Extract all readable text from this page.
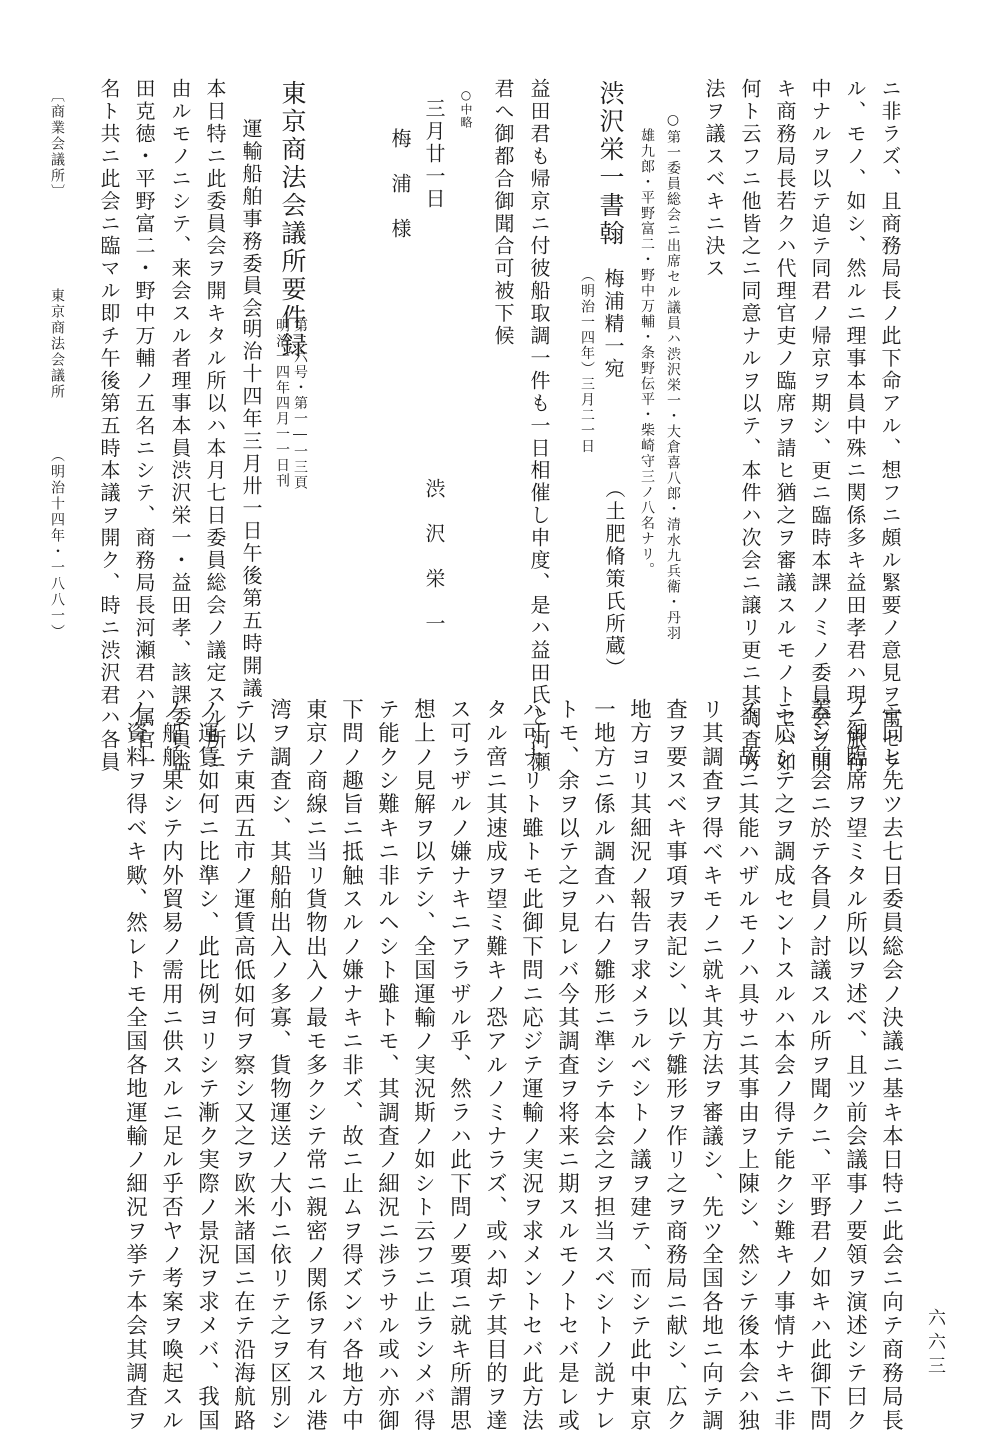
六六三
ニ非ラズ、且商務局長ノ此下命アル、想フニ頗ル緊要ノ意見ヲ寓セラ
ル、モノ、如シ、然ルニ理事本員中殊ニ関係多キ益田孝君ハ現ニ旅行
中ナルヲ以テ追テ同君ノ帰京ヲ期シ、更ニ臨時本課ノミノ委員会ヲ開
キ商務局長若クハ代理官吏ノ臨席ヲ請ヒ猶之ヲ審議スルモノトセバ如
何ト云フニ他皆之ニ同意ナルヲ以テ、本件ハ次会ニ譲リ更ニ其調査方
法ヲ議スベキニ決ス
○第一委員総会ニ出席セル議員ハ渋沢栄一・大倉喜八郎・清水九兵衛・丹羽
雄九郎・平野富二・野中万輔・条野伝平・柴崎守三ノ八名ナリ。
渋沢栄一書翰
梅浦精一宛
（明治一四年）三月二一日
（土肥脩策氏所蔵）
益田君も帰京ニ付彼船取調一件も一日相催し申度、是ハ益田氏と河瀬
君へ御都合御聞合可被下候
○中略
三月廿一日
渋　沢　栄　一
梅　浦　様
東京商法会議所要件録
第二六号・第一―一三頁
明治一四年四月一一日刊
運輸船舶事務委員会
明治十四年三月卅一日午後第五時開議
本日特ニ此委員会ヲ開キタル所以ハ本月七日委員総会ノ議定スル所ニ
由ルモノニシテ、来会スル者理事本員渋沢栄一・益田孝、該課委員益
田克徳・平野富二・野中万輔ノ五名ニシテ、商務局長河瀬君ハ属官一
名ト共ニ此会ニ臨マル即チ午後第五時本議ヲ開ク、時ニ渋沢君ハ各員
ニ向ヒ先ツ去七日委員総会ノ決議ニ基キ本日特ニ此会ニ向テ商務局長
ノ御臨席ヲ望ミタル所以ヲ述ベ、且ツ前会議事ノ要領ヲ演述シテ曰ク
蓋シ前会ニ於テ各員ノ討議スル所ヲ聞クニ、平野君ノ如キハ此御下問
ニ応シテ之ヲ調成セントスルハ本会ノ得テ能クシ難キノ事情ナキニ非
ズ、故ニ其能ハザルモノハ具サニ其事由ヲ上陳シ、然シテ後本会ハ独
リ其調査ヲ得ベキモノニ就キ其方法ヲ審議シ、先ツ全国各地ニ向テ調
査ヲ要スベキ事項ヲ表記シ、以テ雛形ヲ作リ之ヲ商務局ニ献シ、広ク
地方ヨリ其細況ノ報告ヲ求メラルベシトノ議ヲ建テ、而シテ此中東京
一地方ニ係ル調査ハ右ノ雛形ニ準シテ本会之ヲ担当スベシトノ説ナレ
トモ、余ヲ以テ之ヲ見レバ今其調査ヲ将来ニ期スルモノトセバ是レ或
ハ可ナリト雖トモ此御下問ニ応ジテ運輸ノ実況ヲ求メントセバ此方法
タル啻ニ其速成ヲ望ミ難キノ恐アルノミナラズ、或ハ却テ其目的ヲ達
ス可ラザルノ嫌ナキニアラザル乎、然ラハ此下問ノ要項ニ就キ所謂思
想上ノ見解ヲ以テシ、全国運輸ノ実況斯ノ如シト云フニ止ラシメバ得
テ能クシ難キニ非ルヘシト雖トモ、其調査ノ細況ニ渉ラサル或ハ亦御
下問ノ趣旨ニ抵触スルノ嫌ナキニ非ズ、故ニ止ムヲ得ズンバ各地方中
東京ノ商線ニ当リ貨物出入ノ最モ多クシテ常ニ親密ノ関係ヲ有スル港
湾ヲ調査シ、其船舶出入ノ多寡、貨物運送ノ大小ニ依リテ之ヲ区別シ
テ以テ東西五市ノ運賃高低如何ヲ察シ又之ヲ欧米諸国ニ在テ沿海航路
ノ運賃如何ニ比準シ、此比例ヨリシテ漸ク実際ノ景況ヲ求メバ、我国
ノ船舶果シテ内外貿易ノ需用ニ供スルニ足ル乎否ヤノ考案ヲ喚起スル
ノ資料ヲ得ベキ歟、然レトモ全国各地運輸ノ細況ヲ挙テ本会其調査ヲ
〔商業会議所〕
東京商法会議所
（明治十四年・一八八一）
